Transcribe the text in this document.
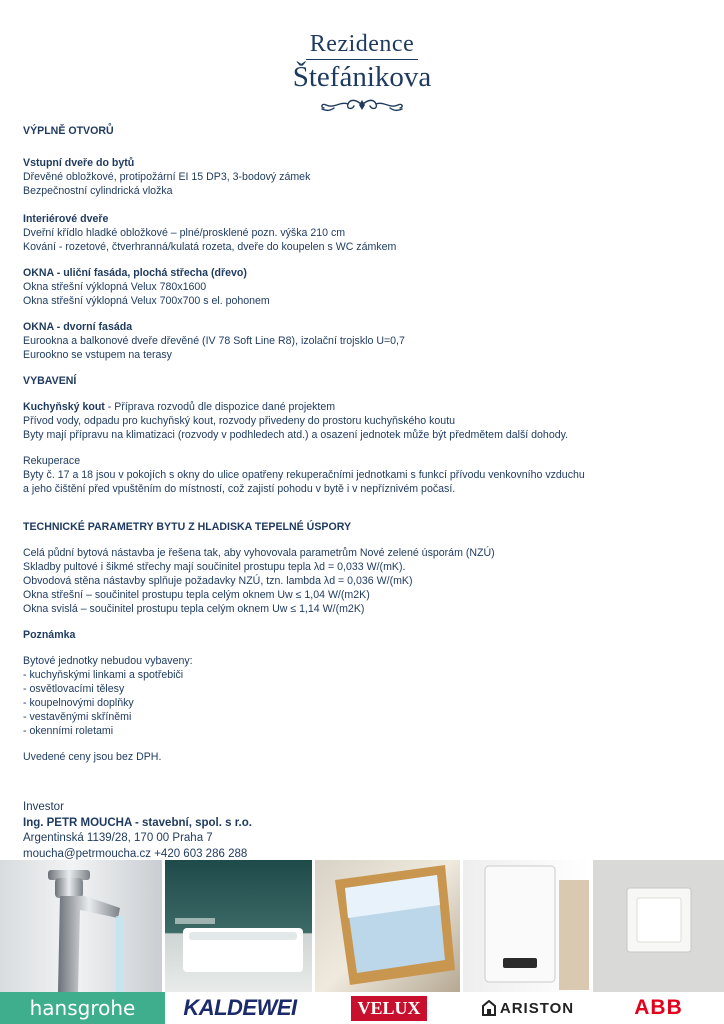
Rezidence
Štefánikova

VÝPLNĚ OTVORŮ

Vstupní dveře do bytů

Dřevěné obložkové, protipožární EI 15 DP3, 3-bodový zámek

Bezpečnostní cylindrická vložka

Interiérové dveře

Dveřní křídlo hladké obložkové – plné/prosklené pozn. výška 210 cm

Kování - rozetové, čtverhranná/kulatá rozeta, dveře do koupelen s WC zámkem

OKNA - uliční fasáda, plochá střecha (dřevo)

Okna střešní výklopná Velux 780x1600

Okna střešní výklopná Velux 700x700 s el. pohonem

OKNA - dvorní fasáda

Eurookna a balkonové dveře dřevěné (IV 78 Soft Line R8), izolační trojsklo U=0,7

Eurookno se vstupem na terasy

VYBAVENÍ

Kuchyňský kout - Příprava rozvodů dle dispozice dané projektem

Přívod vody, odpadu pro kuchyňský kout, rozvody přivedeny do prostoru kuchyňského koutu

Byty mají přípravu na klimatizaci (rozvody v podhledech atd.) a osazení jednotek může být předmětem další dohody.

Rekuperace

Byty č. 17 a 18 jsou v pokojích s okny do ulice opatřeny rekuperačními jednotkami s funkcí přívodu venkovního vzduchu

a jeho čištění před vpuštěním do místností, což zajistí pohodu v bytě i v nepříznivém počasí.

TECHNICKÉ PARAMETRY BYTU Z HLADISKA TEPELNÉ ÚSPORY

Celá půdní bytová nástavba je řešena tak, aby vyhovovala parametrům Nové zelené úsporám (NZÚ)

Skladby pultové i šikmé střechy mají součinitel prostupu tepla λd = 0,033 W/(mK).

Obvodová stěna nástavby splňuje požadavky NZÚ, tzn. lambda λd = 0,036 W/(mK)

Okna střešní – součinitel prostupu tepla celým oknem Uw ≤ 1,04 W/(m2K)

Okna svislá – součinitel prostupu tepla celým oknem Uw ≤ 1,14 W/(m2K)

Poznámka

Bytové jednotky nebudou vybaveny:

- kuchyňskými linkami a spotřebiči

- osvětlovacími tělesy

- koupelnovými doplňky

- vestavěnými skříněmi

- okenními roletami

Uvedené ceny jsou bez DPH.

Investor

Ing. PETR MOUCHA - stavební, spol. s r.o.

Argentinská 1139/28, 170 00 Praha 7

moucha@petrmoucha.cz +420 603 286 288

hansgrohe KALDEWEI	VELUX	ARISTON	ABB
